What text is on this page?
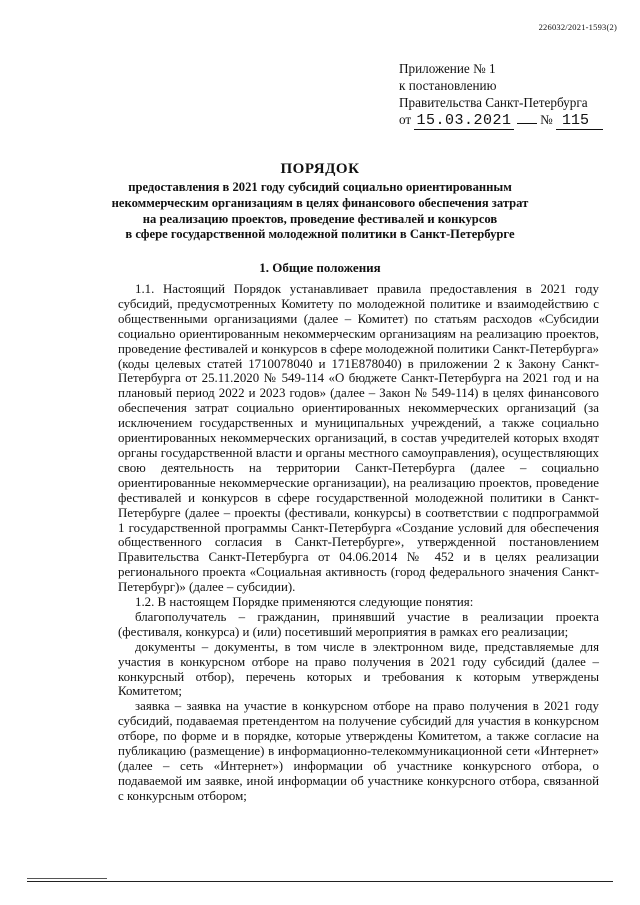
226032/2021-1593(2)
Приложение № 1
к постановлению
Правительства Санкт-Петербурга
от 15.03.2021 № 115
ПОРЯДОК
предоставления в 2021 году субсидий социально ориентированным
некоммерческим организациям в целях финансового обеспечения затрат
на реализацию проектов, проведение фестивалей и конкурсов
в сфере государственной молодежной политики в Санкт-Петербурге
1. Общие положения

1.1. Настоящий Порядок устанавливает правила предоставления в 2021 году субсидий, предусмотренных Комитету по молодежной политике и взаимодействию с общественными организациями (далее – Комитет) по статьям расходов «Субсидии социально ориентированным некоммерческим организациям на реализацию проектов, проведение фестивалей и конкурсов в сфере молодежной политики Санкт-Петербурга» (коды целевых статей 1710078040 и 171E878040) в приложении 2 к Закону Санкт-Петербурга от 25.11.2020 № 549-114 «О бюджете Санкт-Петербурга на 2021 год и на плановый период 2022 и 2023 годов» (далее – Закон № 549-114) в целях финансового обеспечения затрат социально ориентированных некоммерческих организаций (за исключением государственных и муниципальных учреждений, а также социально ориентированных некоммерческих организаций, в состав учредителей которых входят органы государственной власти и органы местного самоуправления), осуществляющих свою деятельность на территории Санкт-Петербурга (далее – социально ориентированные некоммерческие организации), на реализацию проектов, проведение фестивалей и конкурсов в сфере государственной молодежной политики в Санкт-Петербурге (далее – проекты (фестивали, конкурсы) в соответствии с подпрограммой 1 государственной программы Санкт-Петербурга «Создание условий для обеспечения общественного согласия в Санкт-Петербурге», утвержденной постановлением Правительства Санкт-Петербурга от 04.06.2014 № 452 и в целях реализации регионального проекта «Социальная активность (город федерального значения Санкт-Петербург)» (далее – субсидии).

1.2. В настоящем Порядке применяются следующие понятия:

благополучатель – гражданин, принявший участие в реализации проекта (фестиваля, конкурса) и (или) посетивший мероприятия в рамках его реализации;

документы – документы, в том числе в электронном виде, представляемые для участия в конкурсном отборе на право получения в 2021 году субсидий (далее – конкурсный отбор), перечень которых и требования к которым утверждены Комитетом;

заявка – заявка на участие в конкурсном отборе на право получения в 2021 году субсидий, подаваемая претендентом на получение субсидий для участия в конкурсном отборе, по форме и в порядке, которые утверждены Комитетом, а также согласие на публикацию (размещение) в информационно-телекоммуникационной сети «Интернет» (далее – сеть «Интернет») информации об участнике конкурсного отбора, о подаваемой им заявке, иной информации об участнике конкурсного отбора, связанной с конкурсным отбором;
